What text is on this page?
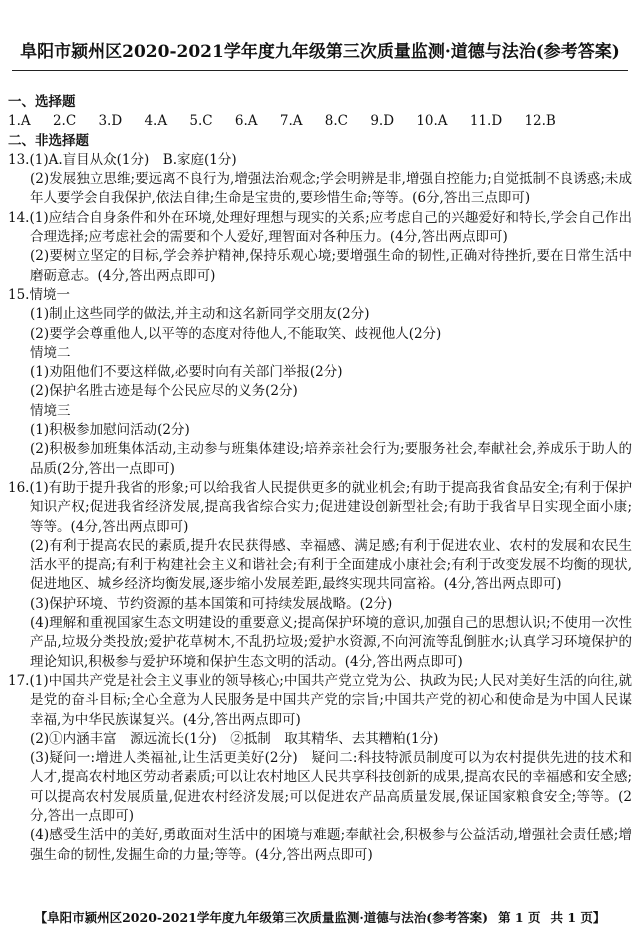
阜阳市颍州区2020-2021学年度九年级第三次质量监测·道德与法治(参考答案)

一、选择题

1.A 2.C 3.D 4.A 5.C 6.A 7.A 8.C 9.D 10.A 11.D 12.B

二、非选择题

13.(1)A.盲目从众(1分)　B.家庭(1分)

(2)发展独立思维;要远离不良行为,增强法治观念;学会明辨是非,增强自控能力;自觉抵制不良诱惑;未成年人要学会自我保护,依法自律;生命是宝贵的,要珍惜生命;等等。(6分,答出三点即可)

14.(1)应结合自身条件和外在环境,处理好理想与现实的关系;应考虑自己的兴趣爱好和特长,学会自己作出合理选择;应考虑社会的需要和个人爱好,理智面对各种压力。(4分,答出两点即可)

(2)要树立坚定的目标,学会养护精神,保持乐观心境;要增强生命的韧性,正确对待挫折,要在日常生活中磨砺意志。(4分,答出两点即可)

15.情境一

(1)制止这些同学的做法,并主动和这名新同学交朋友(2分)

(2)要学会尊重他人,以平等的态度对待他人,不能取笑、歧视他人(2分)

情境二

(1)劝阻他们不要这样做,必要时向有关部门举报(2分)

(2)保护名胜古迹是每个公民应尽的义务(2分)

情境三

(1)积极参加慰问活动(2分)

(2)积极参加班集体活动,主动参与班集体建设;培养亲社会行为;要服务社会,奉献社会,养成乐于助人的品质(2分,答出一点即可)

16.(1)有助于提升我省的形象;可以给我省人民提供更多的就业机会;有助于提高我省食品安全;有利于保护知识产权;促进我省经济发展,提高我省综合实力;促进建设创新型社会;有助于我省早日实现全面小康;等等。(4分,答出两点即可)

(2)有利于提高农民的素质,提升农民获得感、幸福感、满足感;有利于促进农业、农村的发展和农民生活水平的提高;有利于构建社会主义和谐社会;有利于全面建成小康社会;有利于改变发展不均衡的现状,促进地区、城乡经济均衡发展,逐步缩小发展差距,最终实现共同富裕。(4分,答出两点即可)

(3)保护环境、节约资源的基本国策和可持续发展战略。(2分)

(4)理解和重视国家生态文明建设的重要意义;提高保护环境的意识,加强自己的思想认识;不使用一次性产品,垃圾分类投放;爱护花草树木,不乱扔垃圾;爱护水资源,不向河流等乱倒脏水;认真学习环境保护的理论知识,积极参与爱护环境和保护生态文明的活动。(4分,答出两点即可)

17.(1)中国共产党是社会主义事业的领导核心;中国共产党立党为公、执政为民;人民对美好生活的向往,就是党的奋斗目标;全心全意为人民服务是中国共产党的宗旨;中国共产党的初心和使命是为中国人民谋幸福,为中华民族谋复兴。(4分,答出两点即可)

(2)①内涵丰富　源远流长(1分)　②抵制　取其精华、去其糟粕(1分)

(3)疑问一:增进人类福祉,让生活更美好(2分)　疑问二:科技特派员制度可以为农村提供先进的技术和人才,提高农村地区劳动者素质;可以让农村地区人民共享科技创新的成果,提高农民的幸福感和安全感;可以提高农村发展质量,促进农村经济发展;可以促进农产品高质量发展,保证国家粮食安全;等等。(2分,答出一点即可)

(4)感受生活中的美好,勇敢面对生活中的困境与难题;奉献社会,积极参与公益活动,增强社会责任感;增强生命的韧性,发掘生命的力量;等等。(4分,答出两点即可)

【阜阳市颍州区2020-2021学年度九年级第三次质量监测·道德与法治(参考答案) 第 1 页 共 1 页】
